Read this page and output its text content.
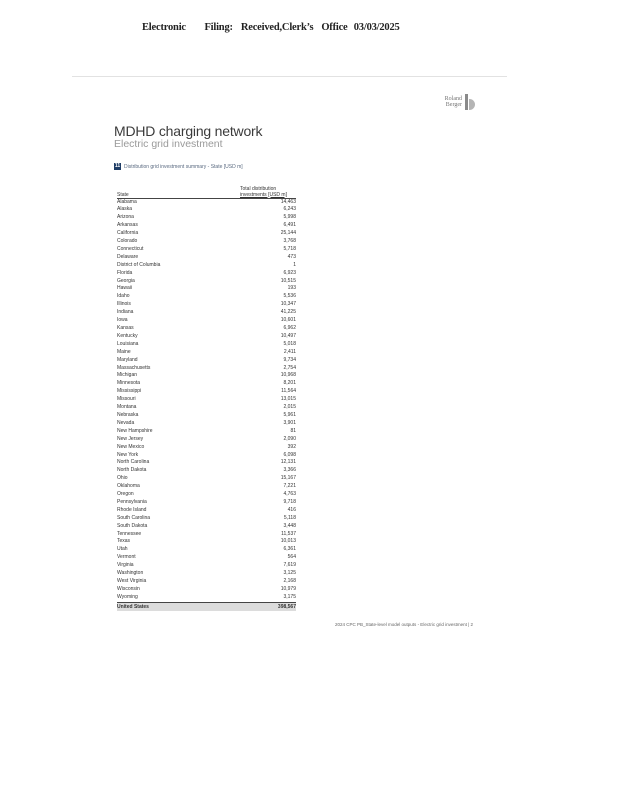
Electronic Filing: Received,Clerk’s Office 03/03/2025
Roland
Berger
MDHD charging network
Electric grid investment
11 Distribution grid investment summary - State [USD m]
State	Total distribution
investments [USD m]

Alabama	14,463
Alaska	6,243
Arizona	5,998
Arkansas	6,491
California	25,144
Colorado	3,768
Connecticut	5,718
Delaware	473
District of Columbia	1
Florida	6,923
Georgia	10,515
Hawaii	193
Idaho	5,536
Illinois	10,347
Indiana	41,225
Iowa	10,601
Kansas	6,962
Kentucky	10,497
Louisiana	5,018
Maine	2,411
Maryland	9,734
Massachusetts	2,754
Michigan	10,968
Minnesota	8,201
Mississippi	11,564
Missouri	13,015
Montana	2,015
Nebraska	5,961
Nevada	3,901
New Hampshire	81
New Jersey	2,090
New Mexico	392
New York	6,098
North Carolina	12,131
North Dakota	3,366
Ohio	15,167
Oklahoma	7,221
Oregon	4,763
Pennsylvania	9,718
Rhode Island	416
South Carolina	5,118
South Dakota	3,448
Tennessee	11,537
Texas	10,013
Utah	6,361
Vermont	564
Virginia	7,619
Washington	3,125
West Virginia	2,168
Wisconsin	10,979
Wyoming	3,175
United States	398,567
2024 CPC PB_State-level model outputs - Electric grid investment | 2
